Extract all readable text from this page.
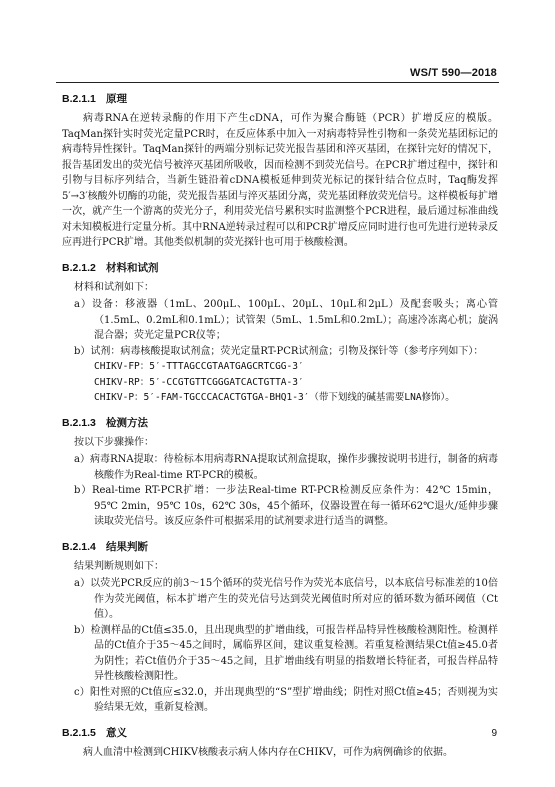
WS/T 590—2018
B.2.1.1 原理

病毒RNA在逆转录酶的作用下产生cDNA，可作为聚合酶链（PCR）扩增反应的模版。TaqMan探针实时荧光定量PCR时，在反应体系中加入一对病毒特异性引物和一条荧光基团标记的病毒特异性探针。TaqMan探针的两端分别标记荧光报告基团和淬灭基团，在探针完好的情况下，报告基团发出的荧光信号被淬灭基团所吸收，因而检测不到荧光信号。在PCR扩增过程中，探针和引物与目标序列结合，当新生链沿着cDNA模板延伸到荧光标记的探针结合位点时，Taq酶发挥5′→3′核酸外切酶的功能，荧光报告基团与淬灭基团分离，荧光基团释放荧光信号。这样模板每扩增一次，就产生一个游离的荧光分子，利用荧光信号累积实时监测整个PCR进程，最后通过标准曲线对未知模板进行定量分析。其中RNA逆转录过程可以和PCR扩增反应同时进行也可先进行逆转录反应再进行PCR扩增。其他类似机制的荧光探针也可用于核酸检测。

B.2.1.2 材料和试剂

材料和试剂如下：

a）设备：移液器（1mL、200μL、100μL、20μL、10μL和2μL）及配套吸头；离心管（1.5mL、0.2mL和0.1mL）；试管架（5mL、1.5mL和0.2mL）；高速冷冻离心机；旋涡混合器；荧光定量PCR仪等；

b）试剂：病毒核酸提取试剂盒；荧光定量RT-PCR试剂盒；引物及探针等（参考序列如下）：

CHIKV-FP：5′-TTTAGCCGTAATGAGCRTCGG-3′

CHIKV-RP：5′-CCGTGTTCGGGATCACTGTTA-3′

CHIKV-P：5′-FAM-TGCCCACACTGTGA-BHQ1-3′（带下划线的碱基需要LNA修饰）。

B.2.1.3 检测方法

按以下步骤操作：

a）病毒RNA提取：待检标本用病毒RNA提取试剂盒提取，操作步骤按说明书进行，制备的病毒核酸作为Real-time RT-PCR的模板。

b）Real-time RT-PCR扩增：一步法Real-time RT-PCR检测反应条件为：42℃ 15min，95℃ 2min，95℃ 10s，62℃ 30s，45个循环，仪器设置在每一循环62℃退火/延伸步骤读取荧光信号。该反应条件可根据采用的试剂要求进行适当的调整。

B.2.1.4 结果判断

结果判断规则如下：

a）以荧光PCR反应的前3～15个循环的荧光信号作为荧光本底信号，以本底信号标准差的10倍作为荧光阈值，标本扩增产生的荧光信号达到荧光阈值时所对应的循环数为循环阈值（Ct值）。

b）检测样品的Ct值≤35.0，且出现典型的扩增曲线，可报告样品特异性核酸检测阳性。检测样品的Ct值介于35～45之间时，属临界区间，建议重复检测。若重复检测结果Ct值≥45.0者为阴性；若Ct值仍介于35～45之间，且扩增曲线有明显的指数增长特征者，可报告样品特异性核酸检测阳性。

c）阳性对照的Ct值应≤32.0，并出现典型的“S”型扩增曲线；阴性对照Ct值≥45；否则视为实验结果无效，重新复检测。

B.2.1.5 意义

病人血清中检测到CHIKV核酸表示病人体内存在CHIKV，可作为病例确诊的依据。

9
